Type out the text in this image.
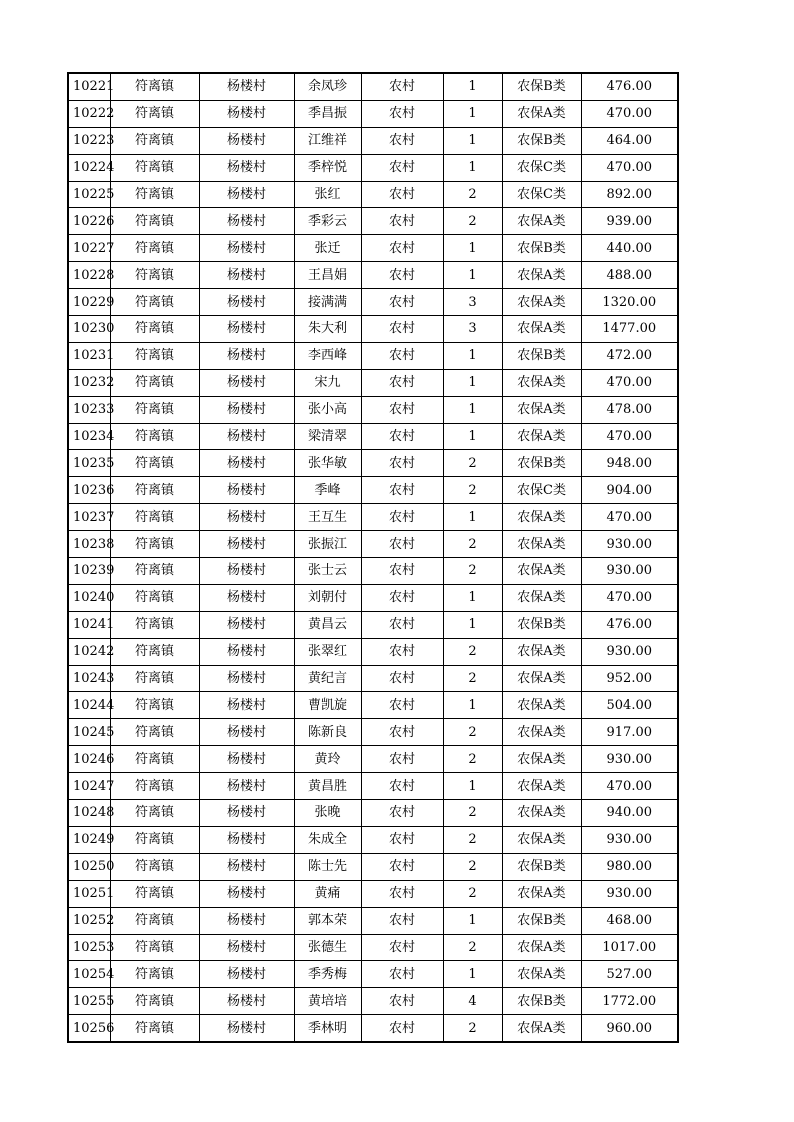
10221	符离镇	杨楼村	余凤珍	农村	1	农保B类	476.00
10222	符离镇	杨楼村	季昌振	农村	1	农保A类	470.00
10223	符离镇	杨楼村	江维祥	农村	1	农保B类	464.00
10224	符离镇	杨楼村	季梓悦	农村	1	农保C类	470.00
10225	符离镇	杨楼村	张红	农村	2	农保C类	892.00
10226	符离镇	杨楼村	季彩云	农村	2	农保A类	939.00
10227	符离镇	杨楼村	张迁	农村	1	农保B类	440.00
10228	符离镇	杨楼村	王昌娟	农村	1	农保A类	488.00
10229	符离镇	杨楼村	接满满	农村	3	农保A类	1320.00
10230	符离镇	杨楼村	朱大利	农村	3	农保A类	1477.00
10231	符离镇	杨楼村	李西峰	农村	1	农保B类	472.00
10232	符离镇	杨楼村	宋九	农村	1	农保A类	470.00
10233	符离镇	杨楼村	张小高	农村	1	农保A类	478.00
10234	符离镇	杨楼村	梁清翠	农村	1	农保A类	470.00
10235	符离镇	杨楼村	张华敏	农村	2	农保B类	948.00
10236	符离镇	杨楼村	季峰	农村	2	农保C类	904.00
10237	符离镇	杨楼村	王互生	农村	1	农保A类	470.00
10238	符离镇	杨楼村	张振江	农村	2	农保A类	930.00
10239	符离镇	杨楼村	张士云	农村	2	农保A类	930.00
10240	符离镇	杨楼村	刘朝付	农村	1	农保A类	470.00
10241	符离镇	杨楼村	黄昌云	农村	1	农保B类	476.00
10242	符离镇	杨楼村	张翠红	农村	2	农保A类	930.00
10243	符离镇	杨楼村	黄纪言	农村	2	农保A类	952.00
10244	符离镇	杨楼村	曹凯旋	农村	1	农保A类	504.00
10245	符离镇	杨楼村	陈新良	农村	2	农保A类	917.00
10246	符离镇	杨楼村	黄玲	农村	2	农保A类	930.00
10247	符离镇	杨楼村	黄昌胜	农村	1	农保A类	470.00
10248	符离镇	杨楼村	张晚	农村	2	农保A类	940.00
10249	符离镇	杨楼村	朱成全	农村	2	农保A类	930.00
10250	符离镇	杨楼村	陈士先	农村	2	农保B类	980.00
10251	符离镇	杨楼村	黄痛	农村	2	农保A类	930.00
10252	符离镇	杨楼村	郭本荣	农村	1	农保B类	468.00
10253	符离镇	杨楼村	张德生	农村	2	农保A类	1017.00
10254	符离镇	杨楼村	季秀梅	农村	1	农保A类	527.00
10255	符离镇	杨楼村	黄培培	农村	4	农保B类	1772.00
10256	符离镇	杨楼村	季林明	农村	2	农保A类	960.00
